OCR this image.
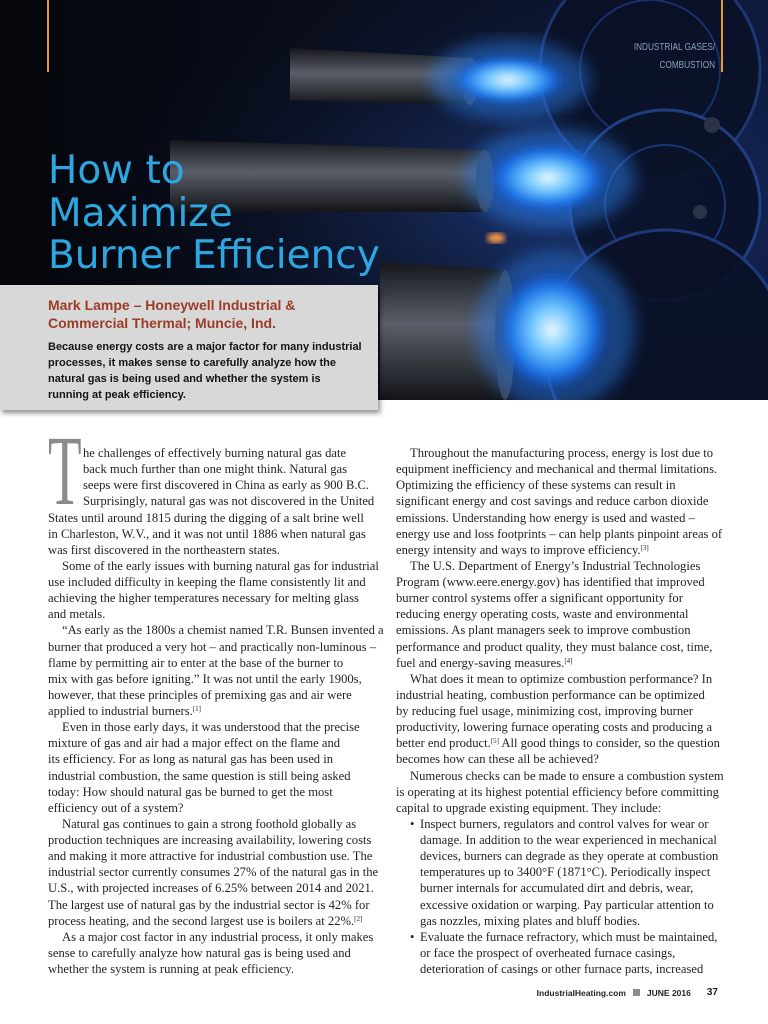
INDUSTRIAL GASES/
COMBUSTION
How to
Maximize
Burner Efficiency
Mark Lampe – Honeywell Industrial &
Commercial Thermal; Muncie, Ind.
Because energy costs are a major factor for many industrial
processes, it makes sense to carefully analyze how the
natural gas is being used and whether the system is
running at peak efficiency.
T he challenges of effectively burning natural gas date
back much further than one might think. Natural gas
seeps were first discovered in China as early as 900 B.C.
Surprisingly, natural gas was not discovered in the United
States until around 1815 during the digging of a salt brine well
in Charleston, W.V., and it was not until 1886 when natural gas
was first discovered in the northeastern states.
Some of the early issues with burning natural gas for industrial
use included difficulty in keeping the flame consistently lit and
achieving the higher temperatures necessary for melting glass
and metals.
“As early as the 1800s a chemist named T.R. Bunsen invented a
burner that produced a very hot – and practically non-luminous –
flame by permitting air to enter at the base of the burner to
mix with gas before igniting.” It was not until the early 1900s,
however, that these principles of premixing gas and air were
applied to industrial burners.[1]
Even in those early days, it was understood that the precise
mixture of gas and air had a major effect on the flame and
its efficiency. For as long as natural gas has been used in
industrial combustion, the same question is still being asked
today: How should natural gas be burned to get the most
efficiency out of a system?
Natural gas continues to gain a strong foothold globally as
production techniques are increasing availability, lowering costs
and making it more attractive for industrial combustion use. The
industrial sector currently consumes 27% of the natural gas in the
U.S., with projected increases of 6.25% between 2014 and 2021.
The largest use of natural gas by the industrial sector is 42% for
process heating, and the second largest use is boilers at 22%.[2]
As a major cost factor in any industrial process, it only makes
sense to carefully analyze how natural gas is being used and
whether the system is running at peak efficiency.
Throughout the manufacturing process, energy is lost due to
equipment inefficiency and mechanical and thermal limitations.
Optimizing the efficiency of these systems can result in
significant energy and cost savings and reduce carbon dioxide
emissions. Understanding how energy is used and wasted –
energy use and loss footprints – can help plants pinpoint areas of
energy intensity and ways to improve efficiency.[3]
The U.S. Department of Energy’s Industrial Technologies
Program (www.eere.energy.gov) has identified that improved
burner control systems offer a significant opportunity for
reducing energy operating costs, waste and environmental
emissions. As plant managers seek to improve combustion
performance and product quality, they must balance cost, time,
fuel and energy-saving measures.[4]
What does it mean to optimize combustion performance? In
industrial heating, combustion performance can be optimized
by reducing fuel usage, minimizing cost, improving burner
productivity, lowering furnace operating costs and producing a
better end product.[5] All good things to consider, so the question
becomes how can these all be achieved?
Numerous checks can be made to ensure a combustion system
is operating at its highest potential efficiency before committing
capital to upgrade existing equipment. They include:
• Inspect burners, regulators and control valves for wear or
damage. In addition to the wear experienced in mechanical
devices, burners can degrade as they operate at combustion
temperatures up to 3400°F (1871°C). Periodically inspect
burner internals for accumulated dirt and debris, wear,
excessive oxidation or warping. Pay particular attention to
gas nozzles, mixing plates and bluff bodies.
• Evaluate the furnace refractory, which must be maintained,
or face the prospect of overheated furnace casings,
deterioration of casings or other furnace parts, increased
IndustrialHeating.com JUNE 2016 37
